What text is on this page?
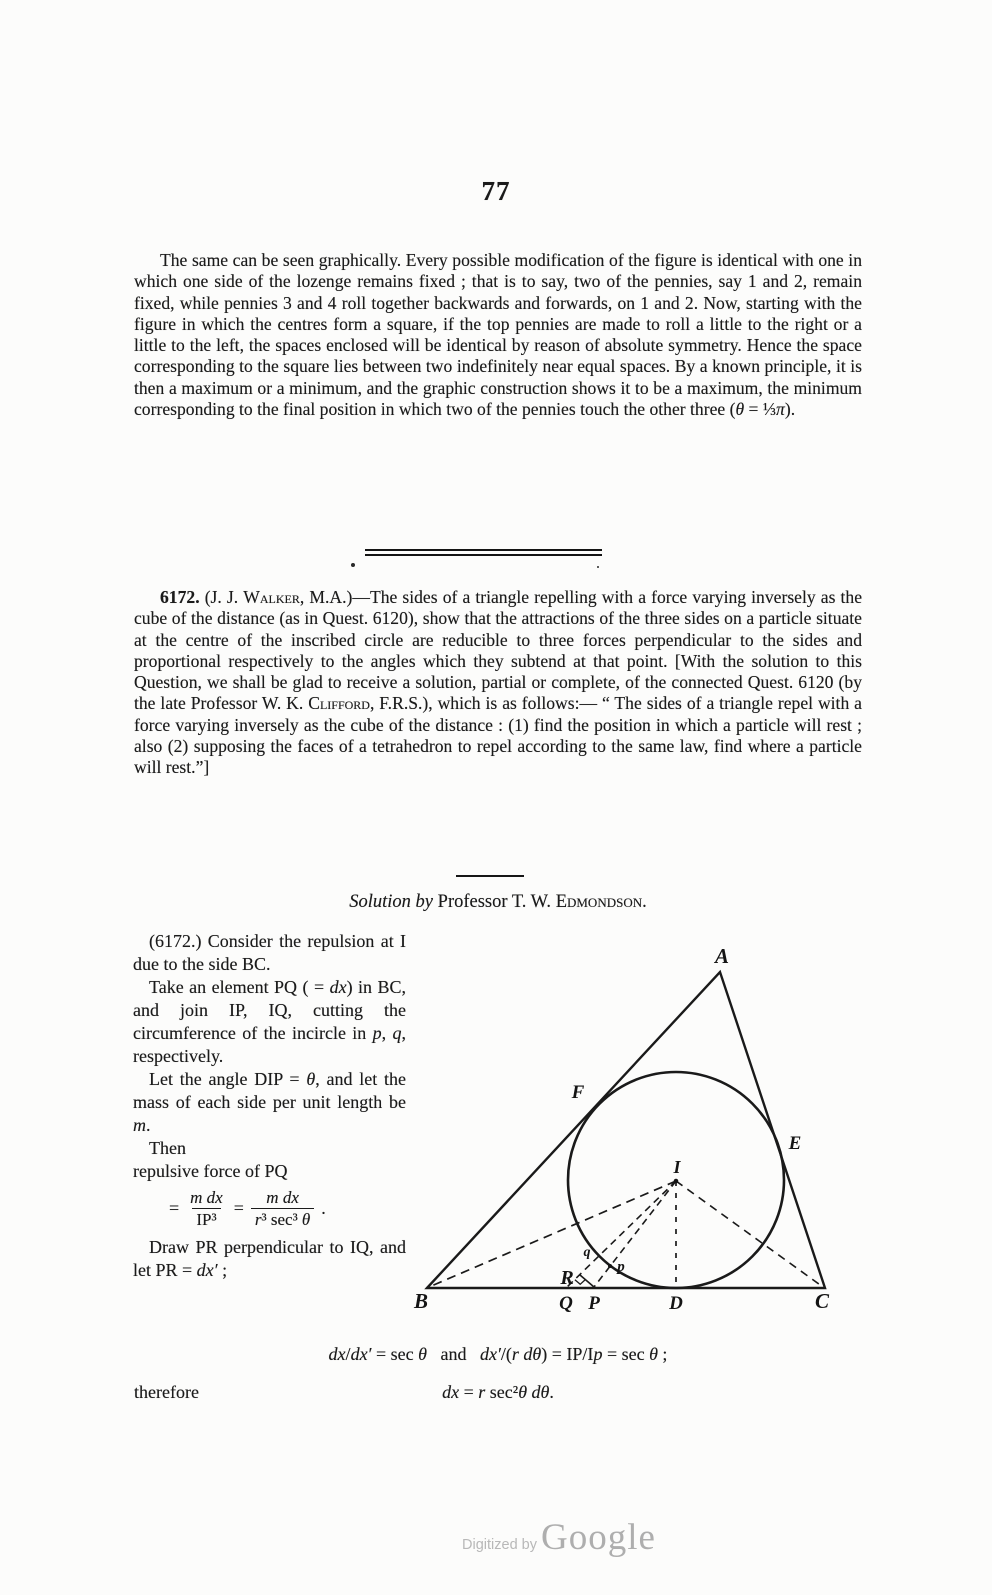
77

The same can be seen graphically. Every possible modification of the figure is identical with one in which one side of the lozenge remains fixed ; that is to say, two of the pennies, say 1 and 2, remain fixed, while pennies 3 and 4 roll together backwards and forwards, on 1 and 2. Now, starting with the figure in which the centres form a square, if the top pennies are made to roll a little to the right or a little to the left, the spaces enclosed will be identical by reason of absolute symmetry. Hence the space corresponding to the square lies between two indefinitely near equal spaces. By a known principle, it is then a maximum or a minimum, and the graphic construction shows it to be a maximum, the minimum corresponding to the final position in which two of the pennies touch the other three (θ = ⅓π).

6172. (J. J. Walker, M.A.)—The sides of a triangle repelling with a force varying inversely as the cube of the distance (as in Quest. 6120), show that the attractions of the three sides on a particle situate at the centre of the inscribed circle are reducible to three forces perpendicular to the sides and proportional respectively to the angles which they subtend at that point. [With the solution to this Question, we shall be glad to receive a solution, partial or complete, of the connected Quest. 6120 (by the late Professor W. K. Clifford, F.R.S.), which is as follows:— “ The sides of a triangle repel with a force varying inversely as the cube of the distance : (1) find the position in which a particle will rest ; also (2) supposing the faces of a tetrahedron to repel according to the same law, find where a particle will rest.”]

Solution by Professor T. W. Edmondson.

(6172.) Consider the repulsion at I due to the side BC.

Take an element PQ ( = dx) in BC, and join IP, IQ, cutting the circumference of the incircle in p, q, respectively.

Let the angle DIP = θ, and let the mass of each side per unit length be m.

Then

repulsive force of PQ

= $\frac{\text{m dx}}{\text{IP³}} = \frac{\text{m dx}}{\text{r³ sec³ θ}}$ .

Draw PR perpendicular to IQ, and let PR = dx′ ;

A
B	C
Q P	D
F
E
I
R
q
p

dx/dx′ = sec θ   and   dx′/(r dθ) = IP/Ip = sec θ ;

therefore	dx = r sec²θ dθ.
Digitized by Google
